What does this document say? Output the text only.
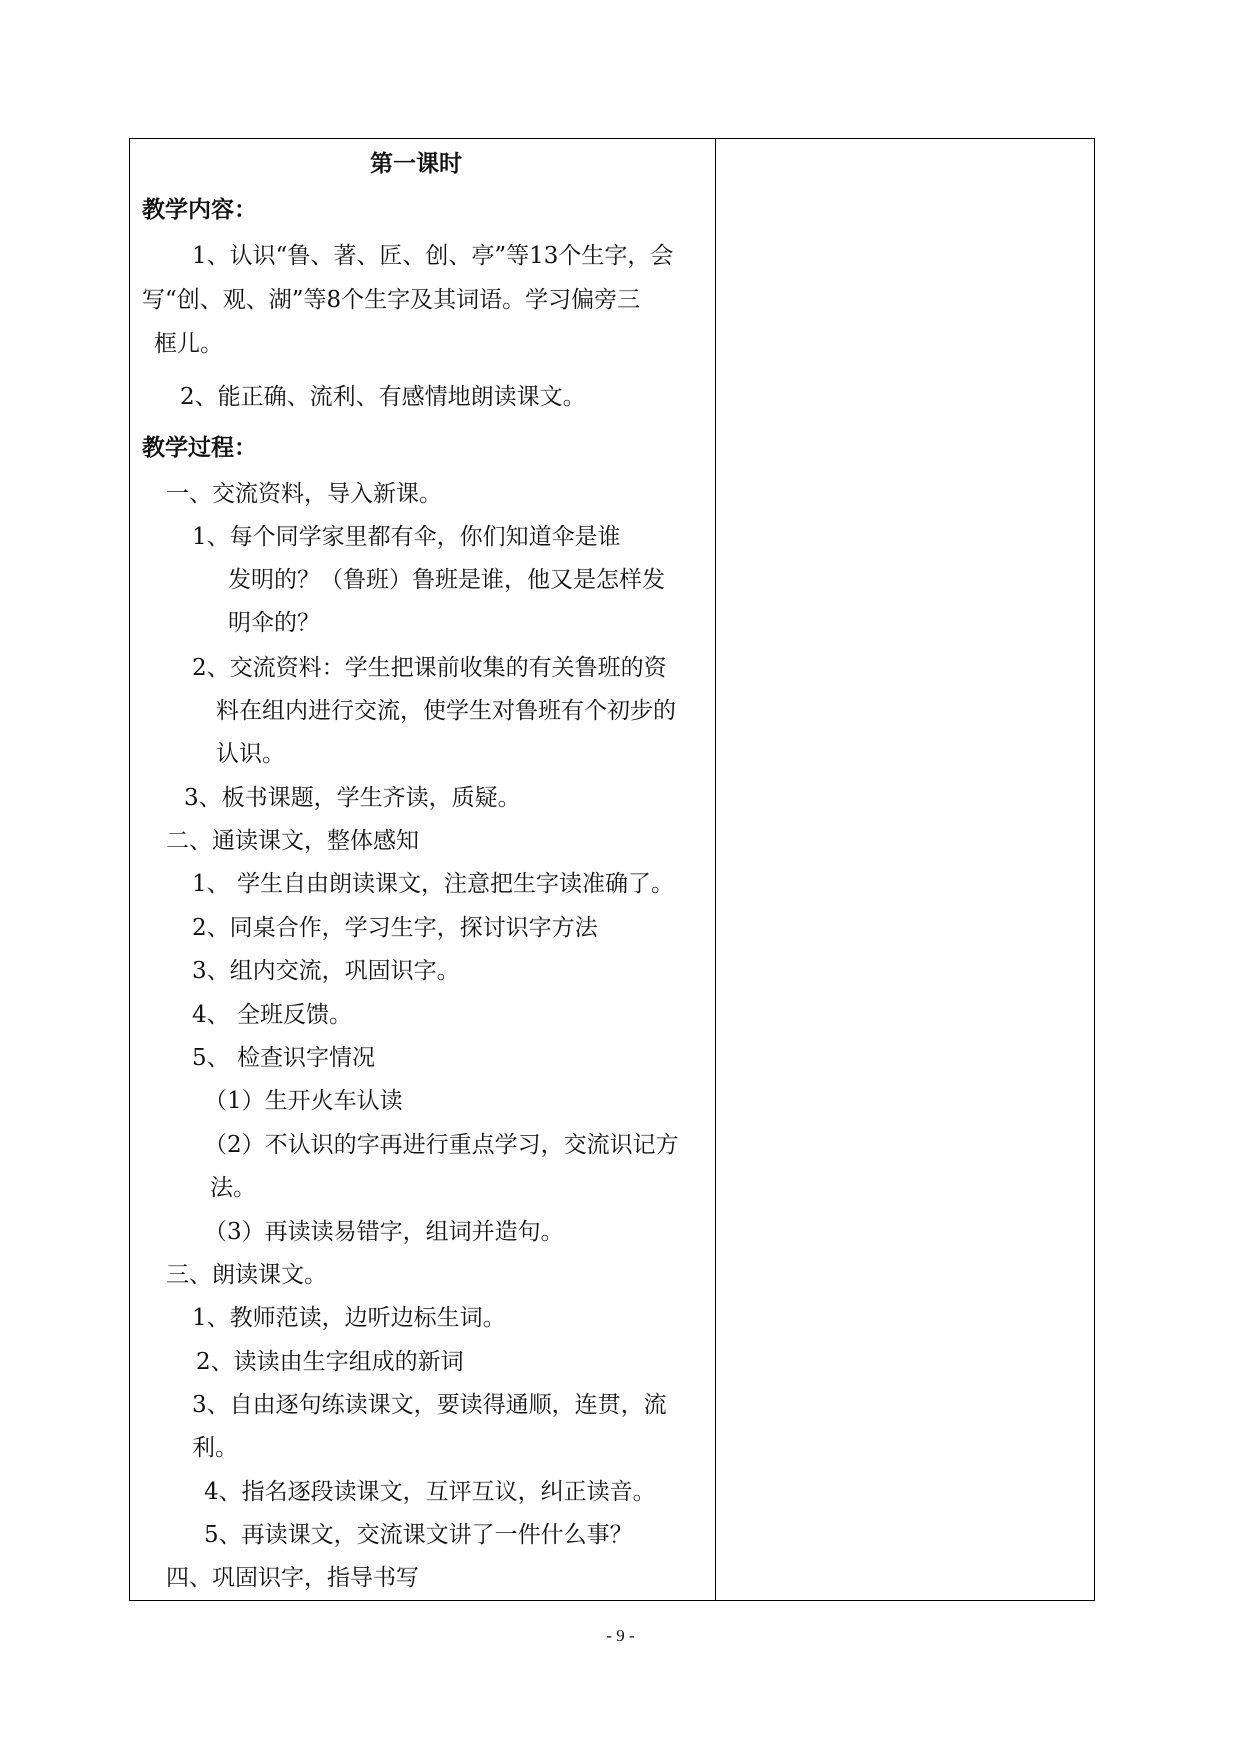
第一课时
教学内容：
1、认识“鲁、著、匠、创、亭”等13个生字，会
写“创、观、湖”等8个生字及其词语。学习偏旁三
框儿。
2、能正确、流利、有感情地朗读课文。
教学过程：
一、交流资料，导入新课。
1、每个同学家里都有伞，你们知道伞是谁
发明的？（鲁班）鲁班是谁，他又是怎样发
明伞的？
2、交流资料：学生把课前收集的有关鲁班的资
料在组内进行交流，使学生对鲁班有个初步的
认识。
3、板书课题，学生齐读，质疑。
二、通读课文，整体感知
1、 学生自由朗读课文，注意把生字读准确了。
2、同桌合作，学习生字，探讨识字方法
3、组内交流，巩固识字。
4、 全班反馈。
5、 检查识字情况
（1）生开火车认读
（2）不认识的字再进行重点学习，交流识记方
法。
（3）再读读易错字，组词并造句。
三、朗读课文。
1、教师范读，边听边标生词。
2、读读由生字组成的新词
3、自由逐句练读课文，要读得通顺，连贯，流
利。
4、指名逐段读课文，互评互议，纠正读音。
5、再读课文，交流课文讲了一件什么事？
四、巩固识字，指导书写
- 9 -
